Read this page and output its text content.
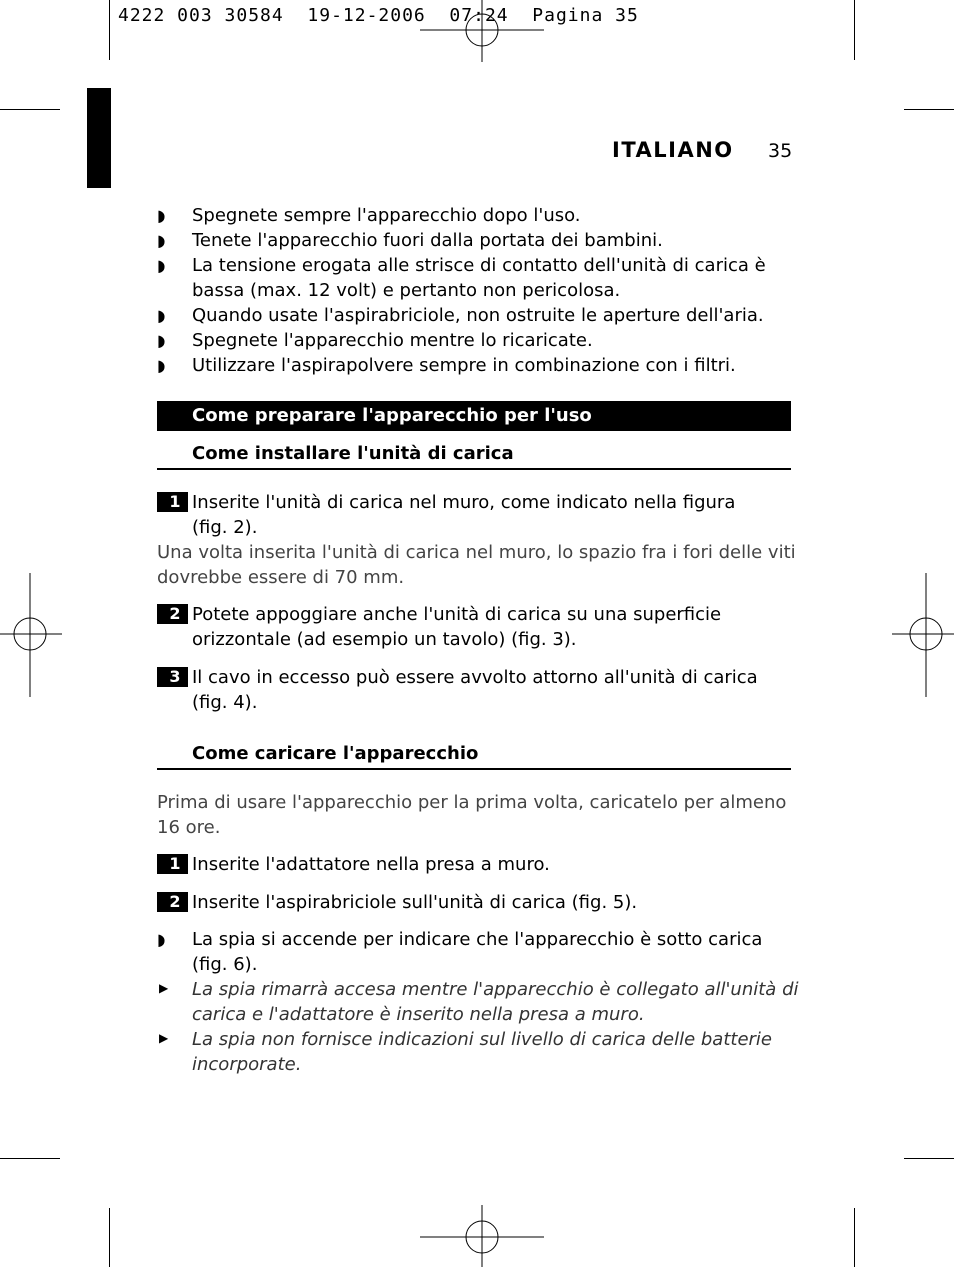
4222 003 30584  19-12-2006  07:24  Pagina 35
ITALIANO 35
◗ Spegnete sempre l'apparecchio dopo l'uso.
◗ Tenete l'apparecchio fuori dalla portata dei bambini.
◗ La tensione erogata alle strisce di contatto dell'unità di carica è
bassa (max. 12 volt) e pertanto non pericolosa.
◗ Quando usate l'aspirabriciole, non ostruite le aperture dell'aria.
◗ Spegnete l'apparecchio mentre lo ricaricate.
◗ Utilizzare l'aspirapolvere sempre in combinazione con i filtri.
Come preparare l'apparecchio per l'uso
Come installare l'unità di carica
1 Inserite l'unità di carica nel muro, come indicato nella figura
(fig. 2).
Una volta inserita l'unità di carica nel muro, lo spazio fra i fori delle viti
dovrebbe essere di 70 mm.
2 Potete appoggiare anche l'unità di carica su una superficie
orizzontale (ad esempio un tavolo) (fig. 3).
3 Il cavo in eccesso può essere avvolto attorno all'unità di carica
(fig. 4).
Come caricare l'apparecchio
Prima di usare l'apparecchio per la prima volta, caricatelo per almeno
16 ore.
1 Inserite l'adattatore nella presa a muro.
2 Inserite l'aspirabriciole sull'unità di carica (fig. 5).
◗ La spia si accende per indicare che l'apparecchio è sotto carica
(fig. 6).
▶ La spia rimarrà accesa mentre l'apparecchio è collegato all'unità di
carica e l'adattatore è inserito nella presa a muro.
▶ La spia non fornisce indicazioni sul livello di carica delle batterie
incorporate.
